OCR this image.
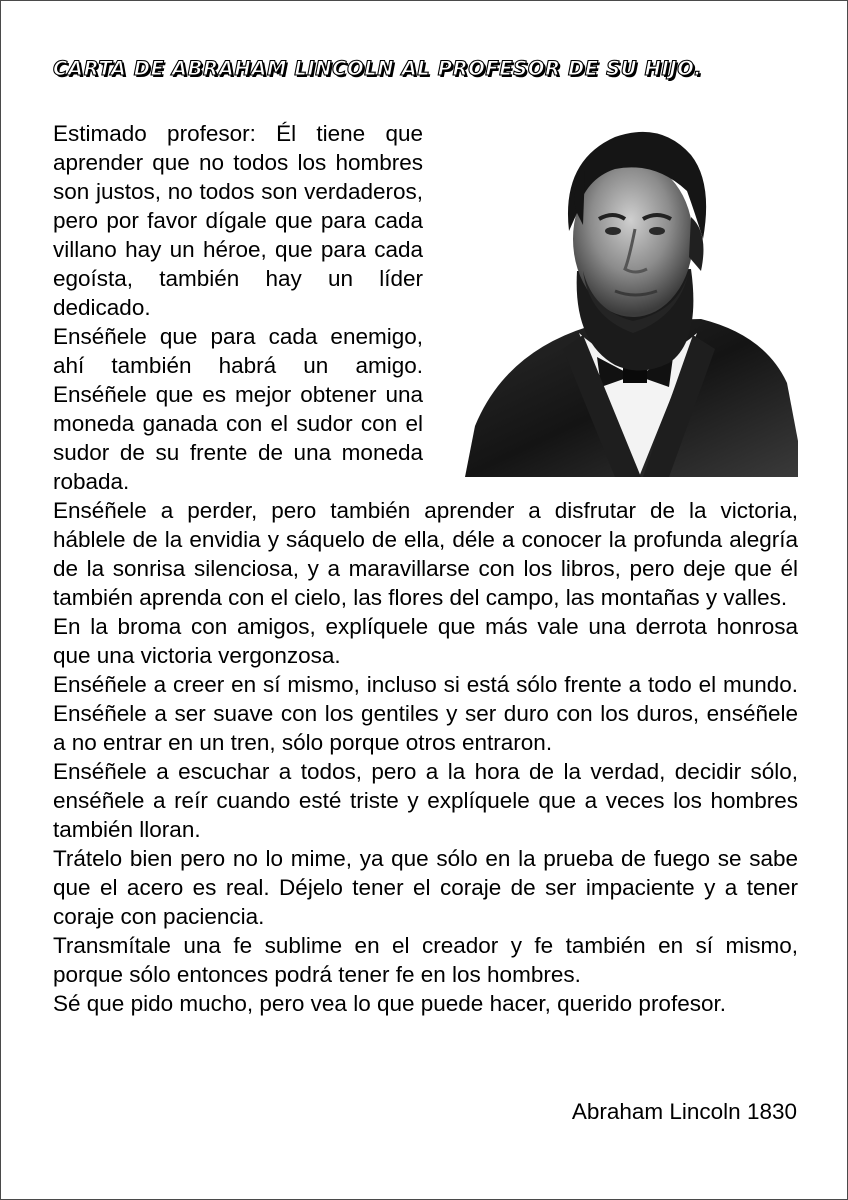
CARTA DE ABRAHAM LINCOLN AL PROFESOR DE SU HIJO.

Estimado profesor: Él tiene que aprender que no todos los hombres son justos, no todos son verdaderos, pero por favor dígale que para cada villano hay un héroe, que para cada egoísta, también hay un líder dedicado.

Enséñele que para cada enemigo, ahí también habrá un amigo. Enséñele que es mejor obtener una moneda ganada con el sudor con el sudor de su frente de una moneda robada.

Enséñele a perder, pero también aprender a disfrutar de la victoria, háblele de la envidia y sáquelo de ella, déle a conocer la profunda alegría de la sonrisa silenciosa, y a maravillarse con los libros, pero deje que él también aprenda con el cielo, las flores del campo, las montañas y valles.

En la broma con amigos, explíquele que más vale una derrota honrosa que una victoria vergonzosa.

Enséñele a creer en sí mismo, incluso si está sólo frente a todo el mundo. Enséñele a ser suave con los gentiles y ser duro con los duros, enséñele a no entrar en un tren, sólo porque otros entraron.

Enséñele a escuchar a todos, pero a la hora de la verdad, decidir sólo, enséñele a reír cuando esté triste y explíquele que a veces los hombres también lloran.

Trátelo bien pero no lo mime, ya que sólo en la prueba de fuego se sabe que el acero es real. Déjelo tener el coraje de ser impaciente y a tener coraje con paciencia.

Transmítale una fe sublime en el creador y fe también en sí mismo, porque sólo entonces podrá tener fe en los hombres.

Sé que pido mucho, pero vea lo que puede hacer, querido profesor.

Abraham Lincoln 1830
